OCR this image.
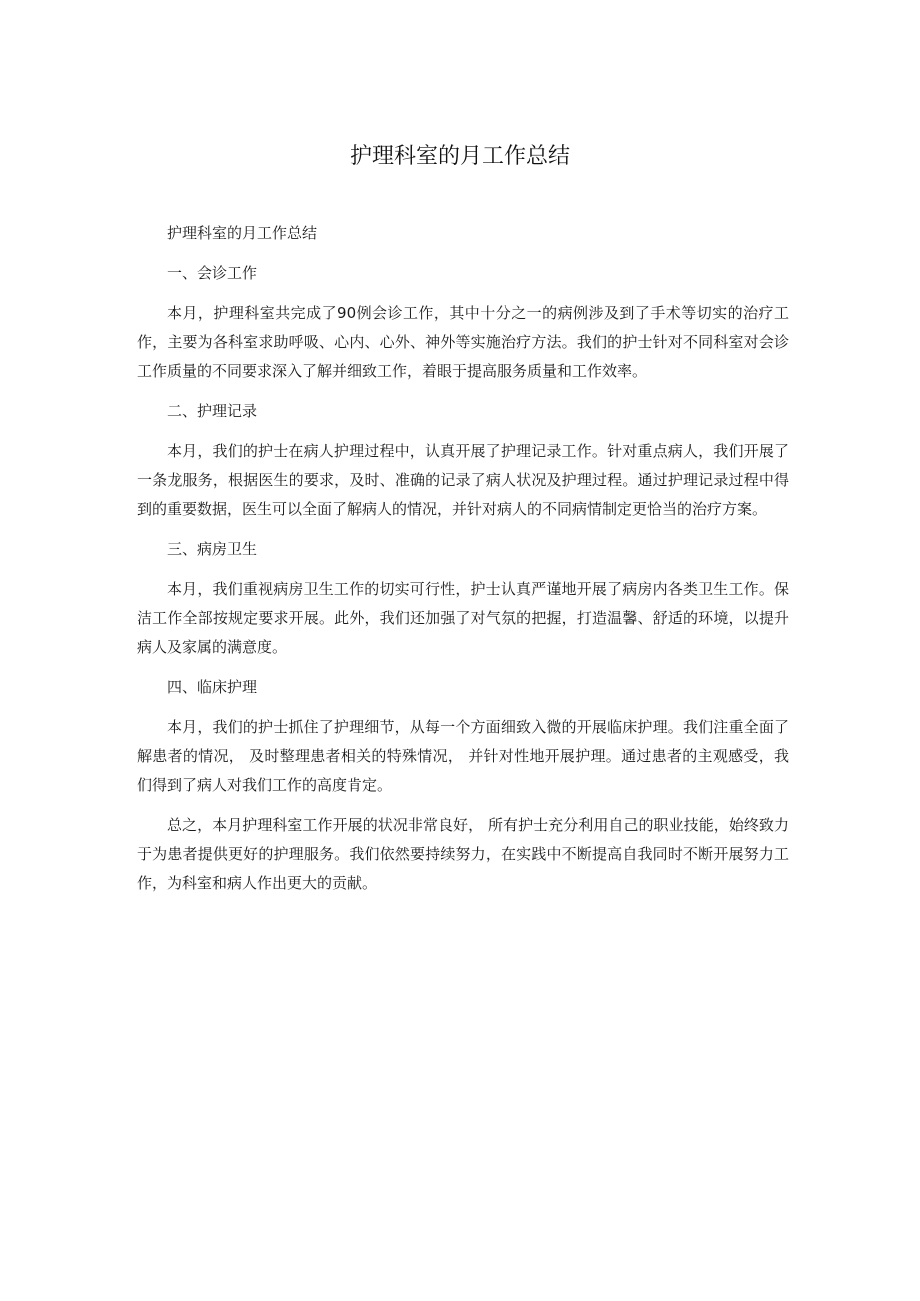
护理科室的月工作总结

护理科室的月工作总结

一、会诊工作

本月，护理科室共完成了90例会诊工作，其中十分之一的病例涉及到了手术等切实的治疗工作，主要为各科室求助呼吸、心内、心外、神外等实施治疗方法。我们的护士针对不同科室对会诊工作质量的不同要求深入了解并细致工作，着眼于提高服务质量和工作效率。

二、护理记录

本月，我们的护士在病人护理过程中，认真开展了护理记录工作。针对重点病人，我们开展了一条龙服务，根据医生的要求，及时、准确的记录了病人状况及护理过程。通过护理记录过程中得到的重要数据，医生可以全面了解病人的情况，并针对病人的不同病情制定更恰当的治疗方案。

三、病房卫生

本月，我们重视病房卫生工作的切实可行性，护士认真严谨地开展了病房内各类卫生工作。保洁工作全部按规定要求开展。此外，我们还加强了对气氛的把握，打造温馨、舒适的环境，以提升病人及家属的满意度。

四、临床护理

本月，我们的护士抓住了护理细节，从每一个方面细致入微的开展临床护理。我们注重全面了解患者的情况， 及时整理患者相关的特殊情况， 并针对性地开展护理。通过患者的主观感受，我们得到了病人对我们工作的高度肯定。

总之，本月护理科室工作开展的状况非常良好， 所有护士充分利用自己的职业技能，始终致力于为患者提供更好的护理服务。我们依然要持续努力，在实践中不断提高自我同时不断开展努力工作，为科室和病人作出更大的贡献。
